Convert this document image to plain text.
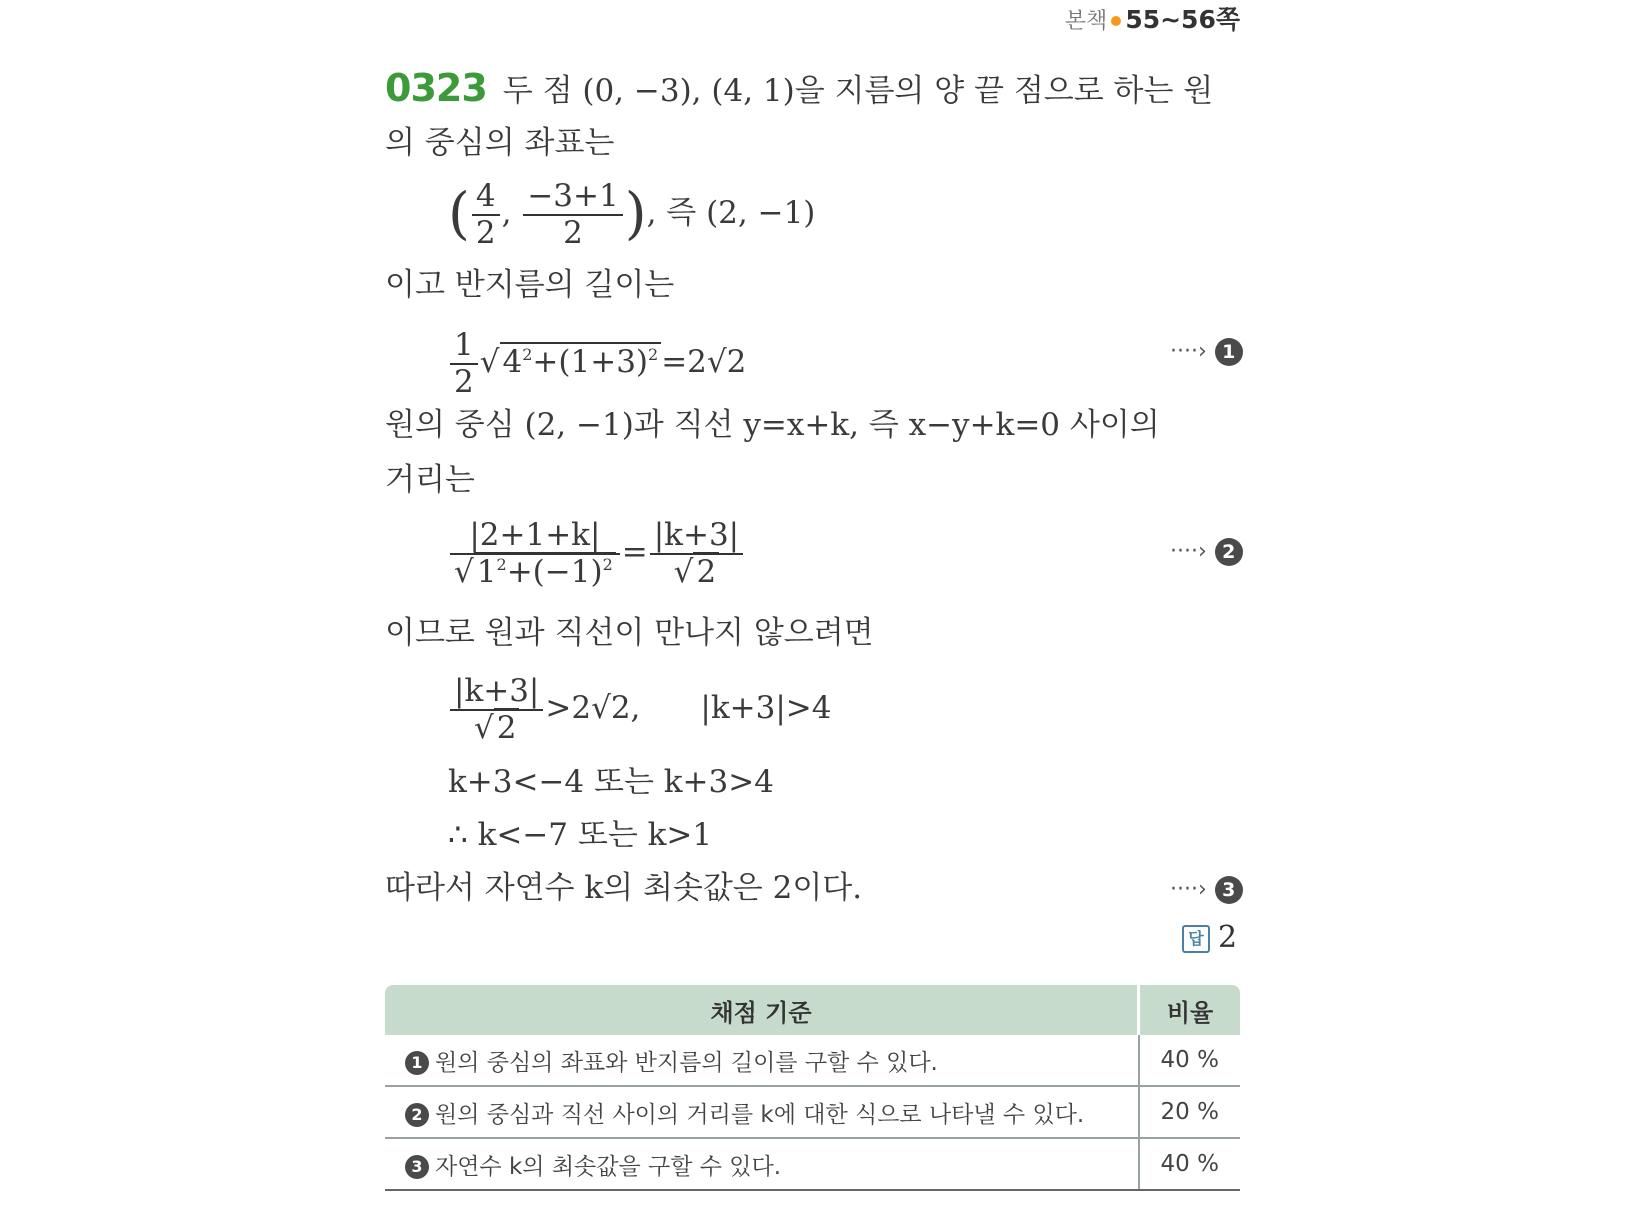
본책 55~56쪽
0323 두 점 (0, −3), (4, 1)을 지름의 양 끝 점으로 하는 원
의 중심의 좌표는
( $\frac{4}{2}$ , $\frac{-3+1}{2}$ ), 즉 (2, −1)
이고 반지름의 길이는
$\frac{1}{2} √4^2+(1+3)^2=2√2$	····› 1
원의 중심 (2, −1)과 직선 y=x+k, 즉 x−y+k=0 사이의
거리는
$\frac{|2+1+k|}{√1^2+(-1)^2} = \frac{|k+3|}{√2}$	····› 2
이므로 원과 직선이 만나지 않으려면
$\frac{|k+3|}{√2} >2√2$, |k+3|>4
k+3<−4 또는 k+3>4
∴ k<−7 또는 k>1
따라서 자연수 k의 최솟값은 2이다.	····› 3
답 2
채점 기준	비율
1 원의 중심의 좌표와 반지름의 길이를 구할 수 있다.	40 %
2 원의 중심과 직선 사이의 거리를 k에 대한 식으로 나타낼 수 있다.	20 %
3 자연수 k의 최솟값을 구할 수 있다.	40 %
